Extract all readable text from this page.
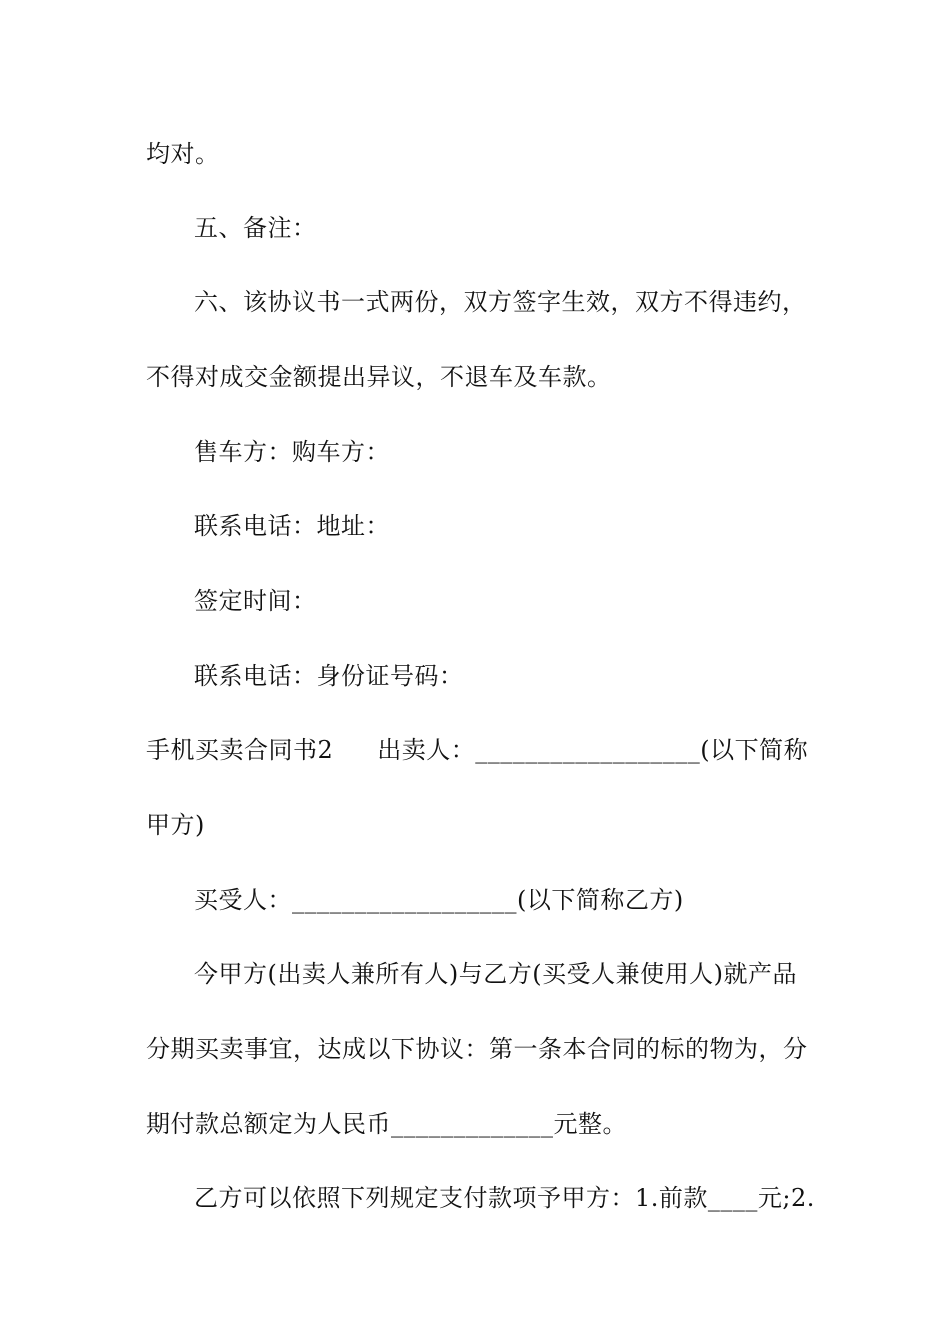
均对。
五、备注：
六、该协议书一式两份，双方签字生效，双方不得违约，
不得对成交金额提出异议，不退车及车款。
售车方：购车方：
联系电话：地址：
签定时间：
联系电话：身份证号码：
手机买卖合同书2 出卖人：__________________(以下简称
甲方)
买受人：__________________(以下简称乙方)
今甲方(出卖人兼所有人)与乙方(买受人兼使用人)就产品
分期买卖事宜，达成以下协议：第一条本合同的标的物为，分
期付款总额定为人民币_____________元整。
乙方可以依照下列规定支付款项予甲方：1.前款____元;2.
